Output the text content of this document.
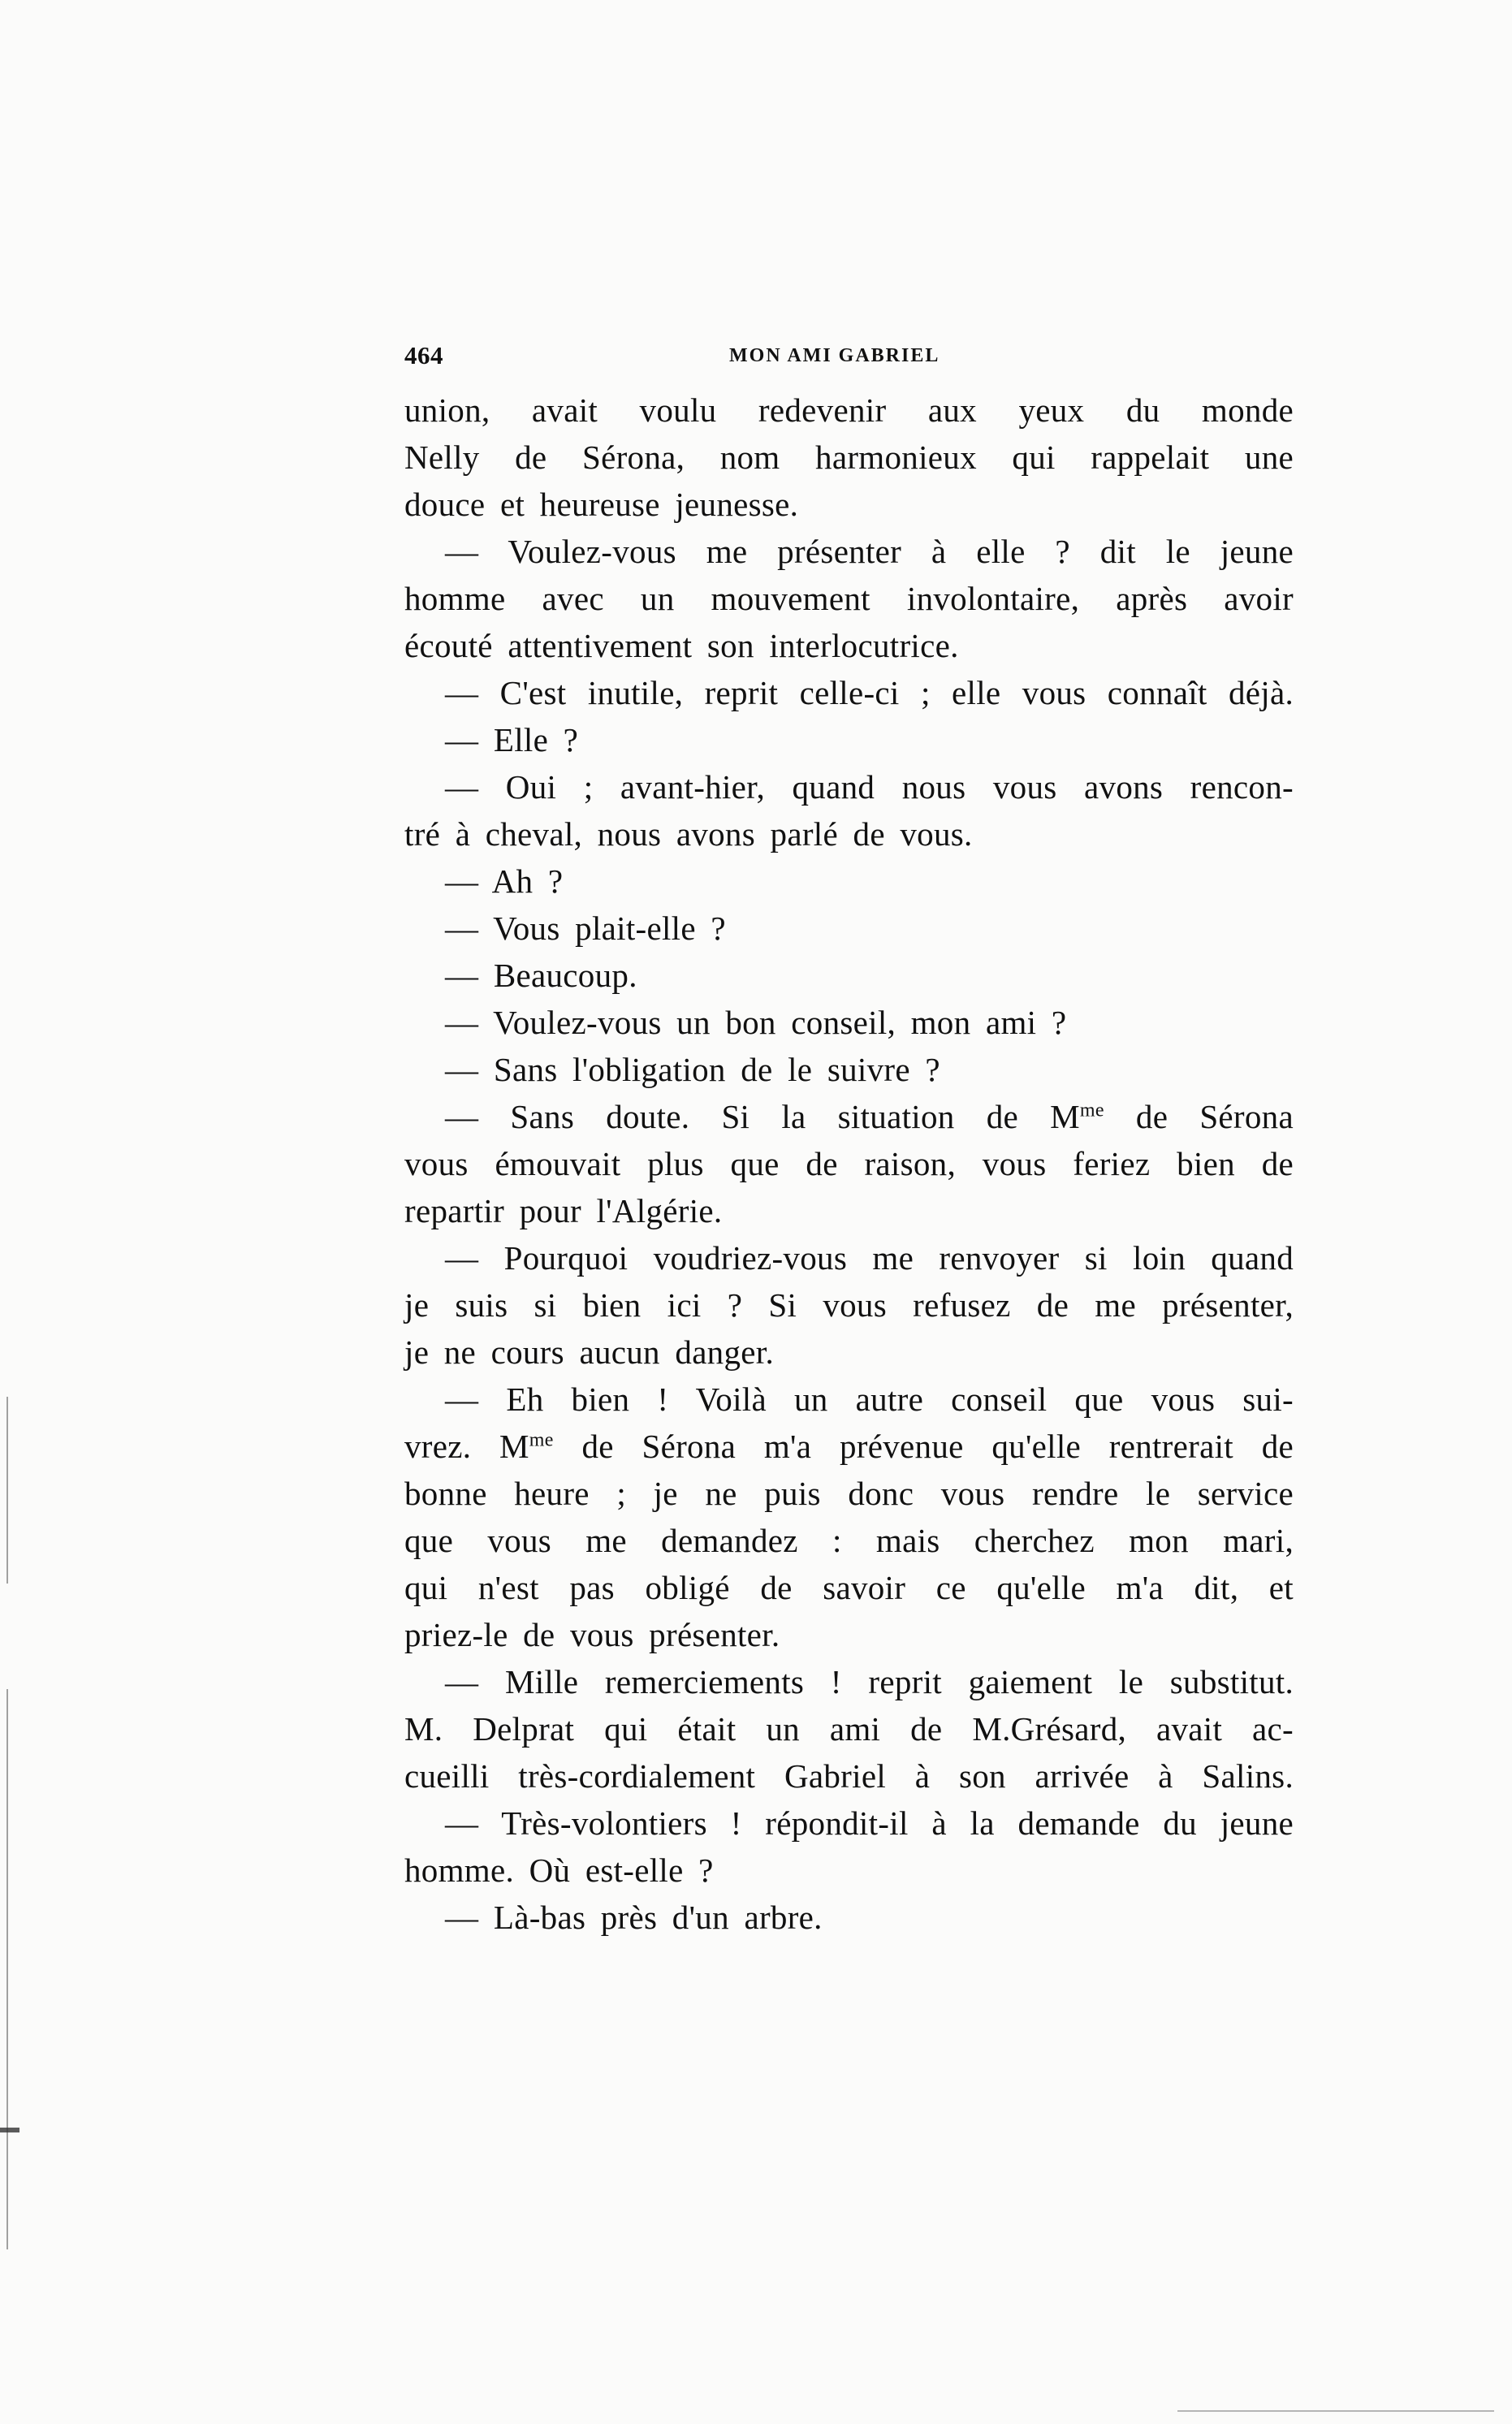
464	MON AMI GABRIEL
union, avait voulu redevenir aux yeux du monde
Nelly de Sérona, nom harmonieux qui rappelait une
douce et heureuse jeunesse.
— Voulez-vous me présenter à elle ? dit le jeune
homme avec un mouvement involontaire, après avoir
écouté attentivement son interlocutrice.
— C'est inutile, reprit celle-ci ; elle vous connaît déjà.
— Elle ?
— Oui ; avant-hier, quand nous vous avons rencon-
tré à cheval, nous avons parlé de vous.
— Ah ?
— Vous plait-elle ?
— Beaucoup.
— Voulez-vous un bon conseil, mon ami ?
— Sans l'obligation de le suivre ?
— Sans doute. Si la situation de $M^{me}$ de Sérona
vous émouvait plus que de raison, vous feriez bien de
repartir pour l'Algérie.
— Pourquoi voudriez-vous me renvoyer si loin quand
je suis si bien ici ? Si vous refusez de me présenter,
je ne cours aucun danger.
— Eh bien ! Voilà un autre conseil que vous sui-
vrez. $M^{me}$ de Sérona m'a prévenue qu'elle rentrerait de
bonne heure ; je ne puis donc vous rendre le service
que vous me demandez : mais cherchez mon mari,
qui n'est pas obligé de savoir ce qu'elle m'a dit, et
priez-le de vous présenter.
— Mille remerciements ! reprit gaiement le substitut.
M. Delprat qui était un ami de M.Grésard, avait ac-
cueilli très-cordialement Gabriel à son arrivée à Salins.
— Très-volontiers ! répondit-il à la demande du jeune
homme. Où est-elle ?
— Là-bas près d'un arbre.
